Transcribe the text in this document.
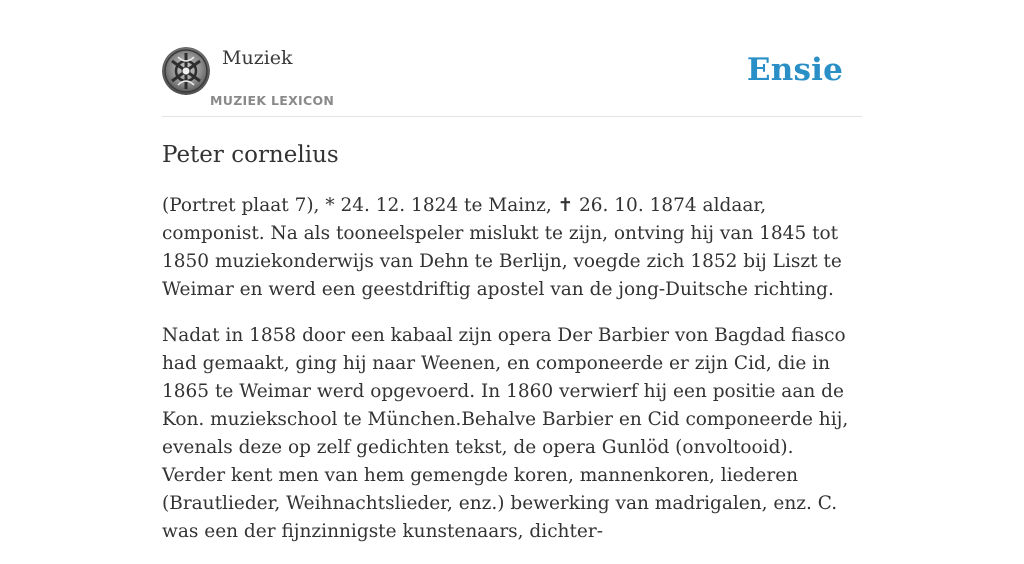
Muziek
MUZIEK LEXICON
Ensie
Peter cornelius

(Portret plaat 7), * 24. 12. 1824 te Mainz, ✝ 26. 10. 1874 aldaar, componist. Na als tooneelspeler mislukt te zijn, ontving hij van 1845 tot 1850 muziekonderwijs van Dehn te Berlijn, voegde zich 1852 bij Liszt te Weimar en werd een geestdriftig apostel van de jong-Duitsche richting.

Nadat in 1858 door een kabaal zijn opera Der Barbier von Bagdad fiasco had gemaakt, ging hij naar Weenen, en componeerde er zijn Cid, die in 1865 te Weimar werd opgevoerd. In 1860 verwierf hij een positie aan de Kon. muziekschool te München.Behalve Barbier en Cid componeerde hij, evenals deze op zelf gedichten tekst, de opera Gunlöd (onvoltooid). Verder kent men van hem gemengde koren, mannenkoren, liederen (Brautlieder, Weihnachtslieder, enz.) bewerking van madrigalen, enz. C. was een der fijnzinnigste kunstenaars, dichter-
